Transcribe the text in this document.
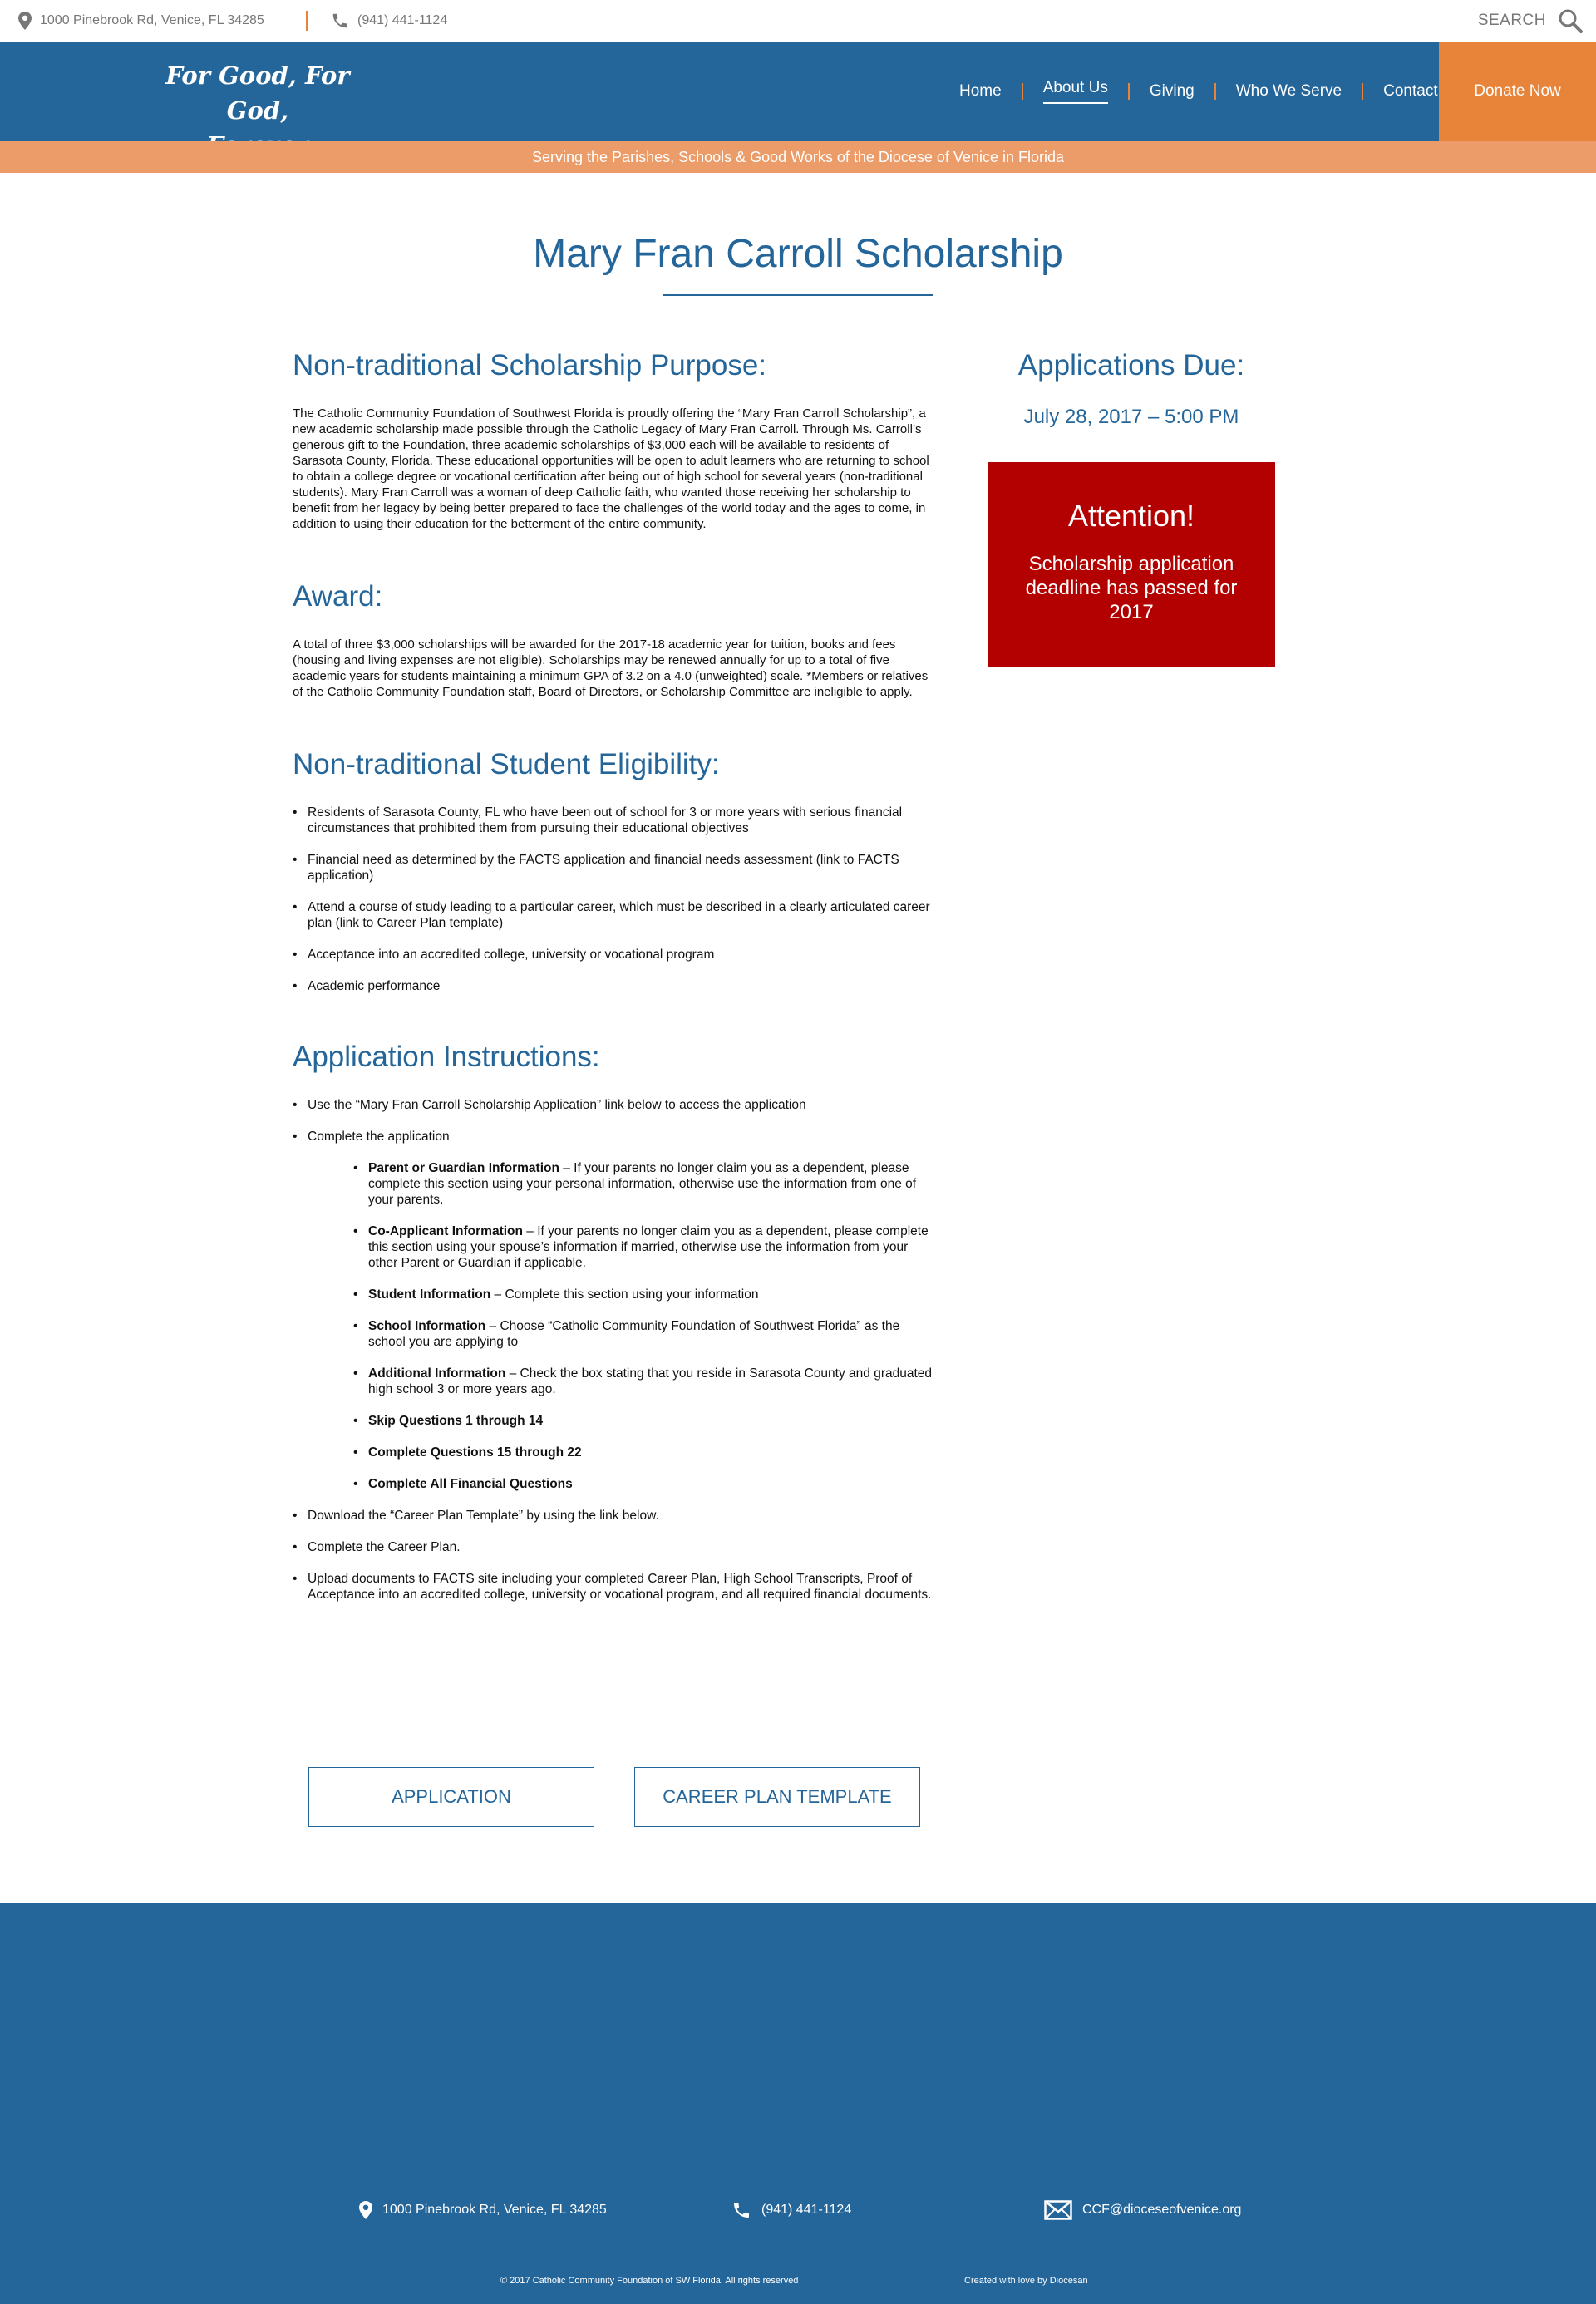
1000 Pinebrook Rd, Venice, FL 34285	(941) 441-1124	SEARCH
For Good, For God,
Home	About Us	Giving	Who We Serve	Contact	Donate Now
Serving the Parishes, Schools & Good Works of the Diocese of Venice in Florida
Mary Fran Carroll Scholarship
Non-traditional Scholarship Purpose:

The Catholic Community Foundation of Southwest Florida is proudly offering the “Mary Fran Carroll Scholarship”, a new academic scholarship made possible through the Catholic Legacy of Mary Fran Carroll. Through Ms. Carroll’s generous gift to the Foundation, three academic scholarships of $3,000 each will be available to residents of Sarasota County, Florida. These educational opportunities will be open to adult learners who are returning to school to obtain a college degree or vocational certification after being out of high school for several years (non-traditional students). Mary Fran Carroll was a woman of deep Catholic faith, who wanted those receiving her scholarship to benefit from her legacy by being better prepared to face the challenges of the world today and the ages to come, in addition to using their education for the betterment of the entire community.

Award:

A total of three $3,000 scholarships will be awarded for the 2017-18 academic year for tuition, books and fees (housing and living expenses are not eligible). Scholarships may be renewed annually for up to a total of five academic years for students maintaining a minimum GPA of 3.2 on a 4.0 (unweighted) scale. *Members or relatives of the Catholic Community Foundation staff, Board of Directors, or Scholarship Committee are ineligible to apply.

Non-traditional Student Eligibility:
• Residents of Sarasota County, FL who have been out of school for 3 or more years with serious financial circumstances that prohibited them from pursuing their educational objectives
• Financial need as determined by the FACTS application and financial needs assessment (link to FACTS application)
• Attend a course of study leading to a particular career, which must be described in a clearly articulated career plan (link to Career Plan template)
• Acceptance into an accredited college, university or vocational program
• Academic performance
Application Instructions:
• Use the “Mary Fran Carroll Scholarship Application” link below to access the application
• Complete the application
• Parent or Guardian Information – If your parents no longer claim you as a dependent, please complete this section using your personal information, otherwise use the information from one of your parents.
• Co-Applicant Information – If your parents no longer claim you as a dependent, please complete this section using your spouse’s information if married, otherwise use the information from your other Parent or Guardian if applicable.
• Student Information – Complete this section using your information
• School Information – Choose “Catholic Community Foundation of Southwest Florida” as the school you are applying to
• Additional Information – Check the box stating that you reside in Sarasota County and graduated high school 3 or more years ago.
• Skip Questions 1 through 14
• Complete Questions 15 through 22
• Complete All Financial Questions
• Download the “Career Plan Template” by using the link below.
• Complete the Career Plan.
• Upload documents to FACTS site including your completed Career Plan, High School Transcripts, Proof of Acceptance into an accredited college, university or vocational program, and all required financial documents.
Applications Due:
July 28, 2017 – 5:00 PM
Attention!
Scholarship application deadline has passed for 2017
APPLICATION	CAREER PLAN TEMPLATE
1000 Pinebrook Rd, Venice, FL 34285	(941) 441-1124	CCF@dioceseofvenice.org
© 2017 Catholic Community Foundation of SW Florida. All rights reserved	Created with love by Diocesan
